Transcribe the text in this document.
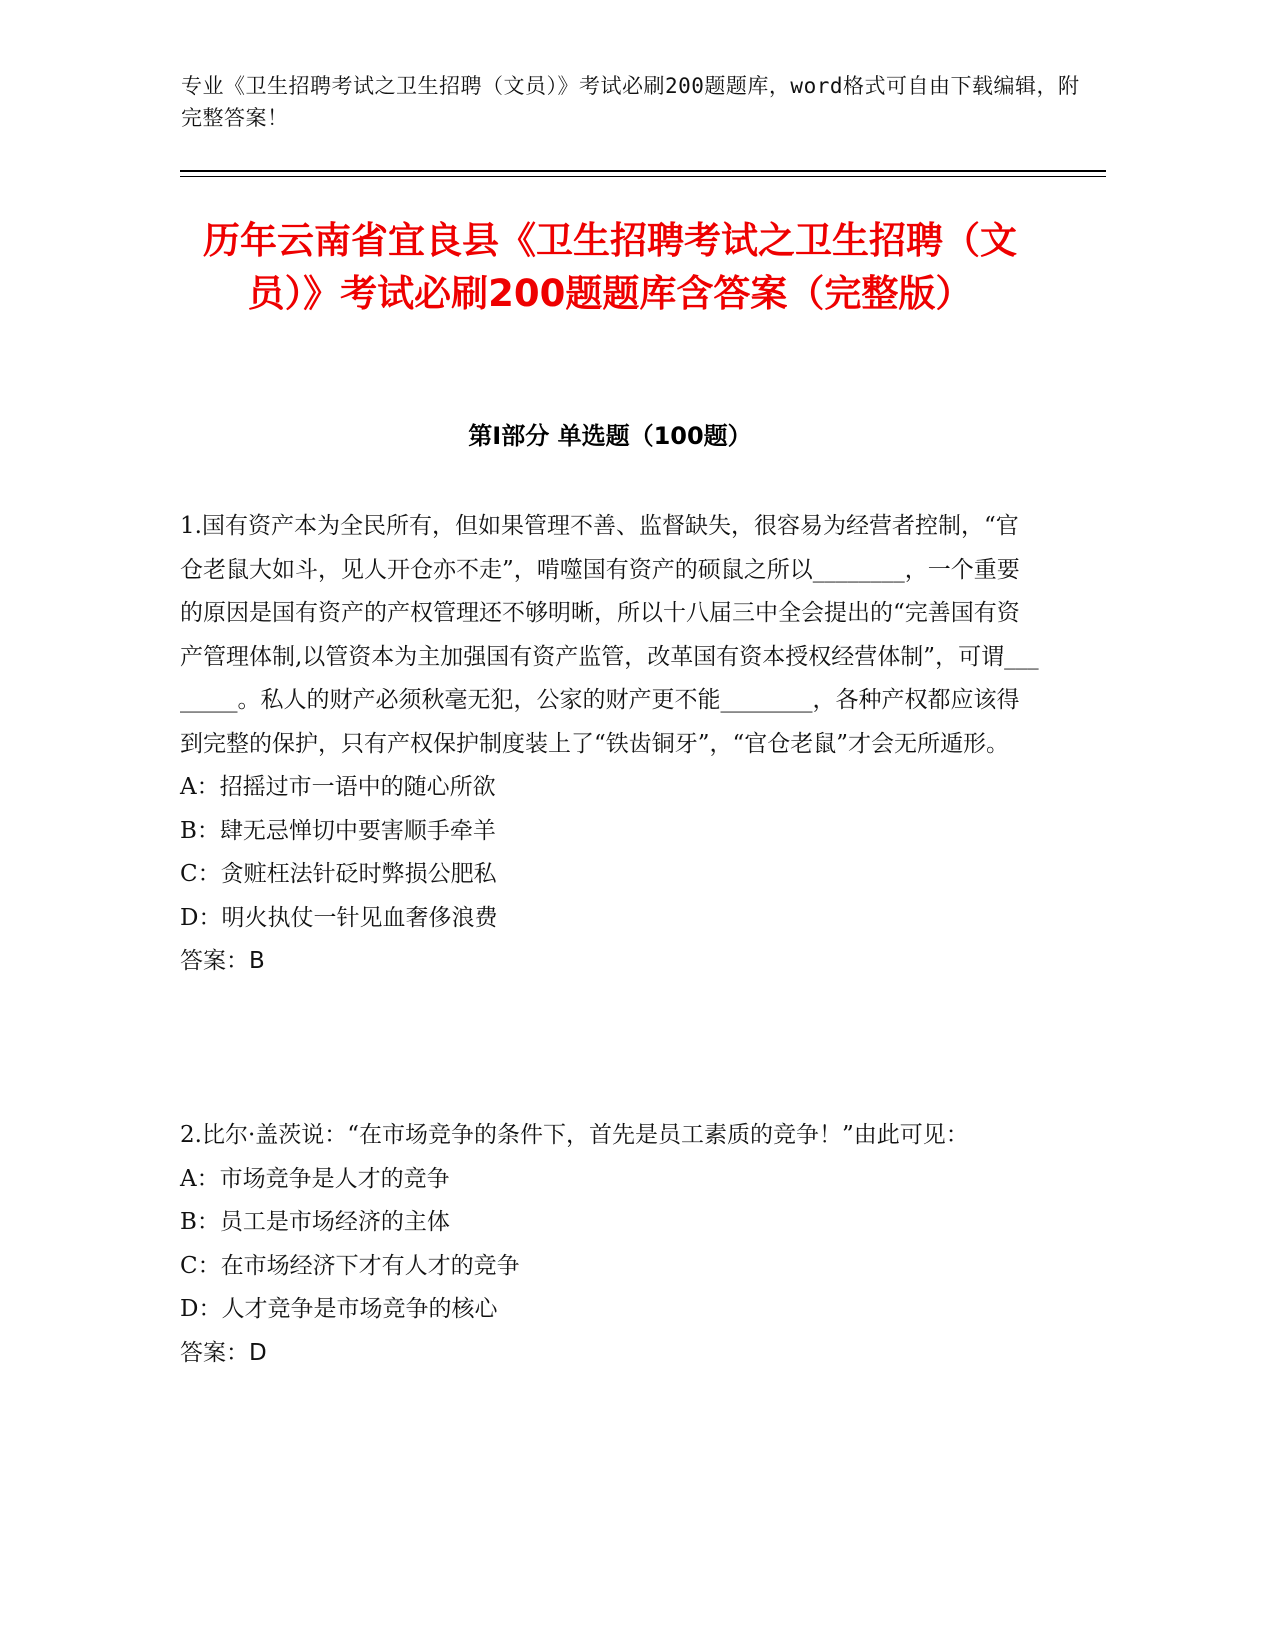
专业《卫生招聘考试之卫生招聘（文员）》考试必刷200题题库，word格式可自由下载编辑，附完整答案！
历年云南省宜良县《卫生招聘考试之卫生招聘（文员）》考试必刷200题题库含答案（完整版）
第Ⅰ部分 单选题（100题）

1.国有资产本为全民所有，但如果管理不善、监督缺失，很容易为经营者控制，“官仓老鼠大如斗，见人开仓亦不走”，啃噬国有资产的硕鼠之所以________，一个重要的原因是国有资产的产权管理还不够明晰，所以十八届三中全会提出的“完善国有资产管理体制,以管资本为主加强国有资产监管，改革国有资本授权经营体制”，可谓________。私人的财产必须秋毫无犯，公家的财产更不能________，各种产权都应该得到完整的保护，只有产权保护制度装上了“铁齿铜牙”，“官仓老鼠”才会无所遁形。

A：招摇过市一语中的随心所欲

B：肆无忌惮切中要害顺手牵羊

C：贪赃枉法针砭时弊损公肥私

D：明火执仗一针见血奢侈浪费

答案：B

2.比尔·盖茨说：“在市场竞争的条件下，首先是员工素质的竞争！”由此可见：

A：市场竞争是人才的竞争

B：员工是市场经济的主体

C：在市场经济下才有人才的竞争

D：人才竞争是市场竞争的核心

答案：D
